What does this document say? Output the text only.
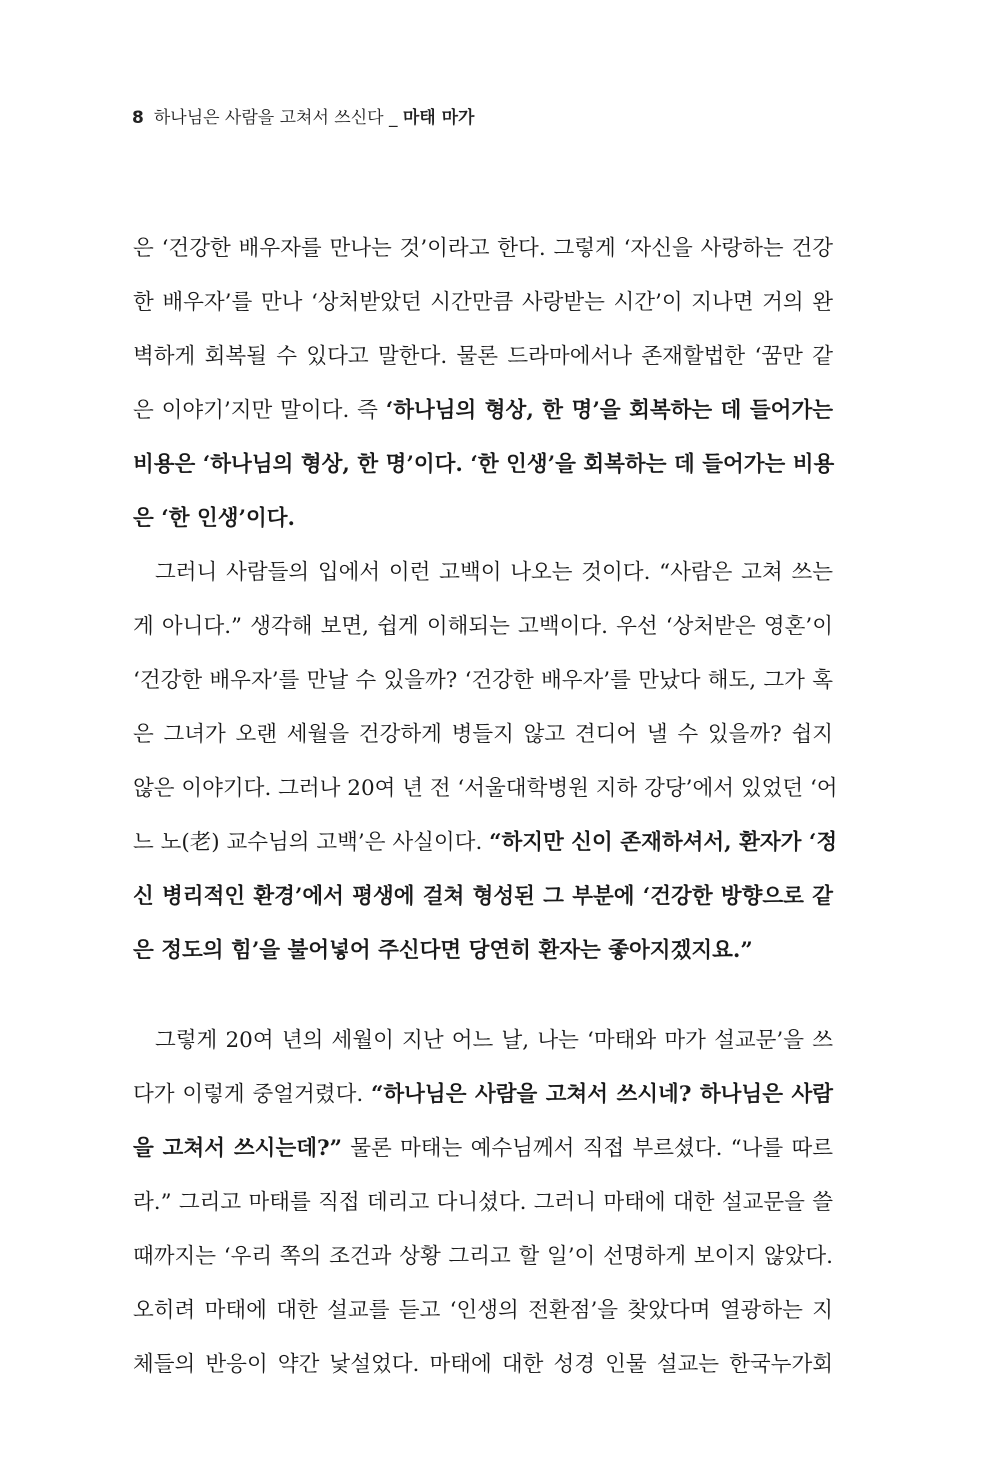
8 하나님은 사람을 고쳐서 쓰신다 _ 마태 마가
은 ‘건강한 배우자를 만나는 것’이라고 한다. 그렇게 ‘자신을 사랑하는 건강
한 배우자’를 만나 ‘상처받았던 시간만큼 사랑받는 시간’이 지나면 거의 완
벽하게 회복될 수 있다고 말한다. 물론 드라마에서나 존재할법한 ‘꿈만 같
은 이야기’지만 말이다. 즉 ‘하나님의 형상, 한 명’을 회복하는 데 들어가는
비용은 ‘하나님의 형상, 한 명’이다. ‘한 인생’을 회복하는 데 들어가는 비용
은 ‘한 인생’이다.
그러니 사람들의 입에서 이런 고백이 나오는 것이다. “사람은 고쳐 쓰는
게 아니다.” 생각해 보면, 쉽게 이해되는 고백이다. 우선 ‘상처받은 영혼’이
‘건강한 배우자’를 만날 수 있을까? ‘건강한 배우자’를 만났다 해도, 그가 혹
은 그녀가 오랜 세월을 건강하게 병들지 않고 견디어 낼 수 있을까? 쉽지
않은 이야기다. 그러나 20여 년 전 ‘서울대학병원 지하 강당’에서 있었던 ‘어
느 노(老) 교수님의 고백’은 사실이다. “하지만 신이 존재하셔서, 환자가 ‘정
신 병리적인 환경’에서 평생에 걸쳐 형성된 그 부분에 ‘건강한 방향으로 같
은 정도의 힘’을 불어넣어 주신다면 당연히 환자는 좋아지겠지요.”
그렇게 20여 년의 세월이 지난 어느 날, 나는 ‘마태와 마가 설교문’을 쓰
다가 이렇게 중얼거렸다. “하나님은 사람을 고쳐서 쓰시네? 하나님은 사람
을 고쳐서 쓰시는데?” 물론 마태는 예수님께서 직접 부르셨다. “나를 따르
라.” 그리고 마태를 직접 데리고 다니셨다. 그러니 마태에 대한 설교문을 쓸
때까지는 ‘우리 쪽의 조건과 상황 그리고 할 일’이 선명하게 보이지 않았다.
오히려 마태에 대한 설교를 듣고 ‘인생의 전환점’을 찾았다며 열광하는 지
체들의 반응이 약간 낯설었다. 마태에 대한 성경 인물 설교는 한국누가회
